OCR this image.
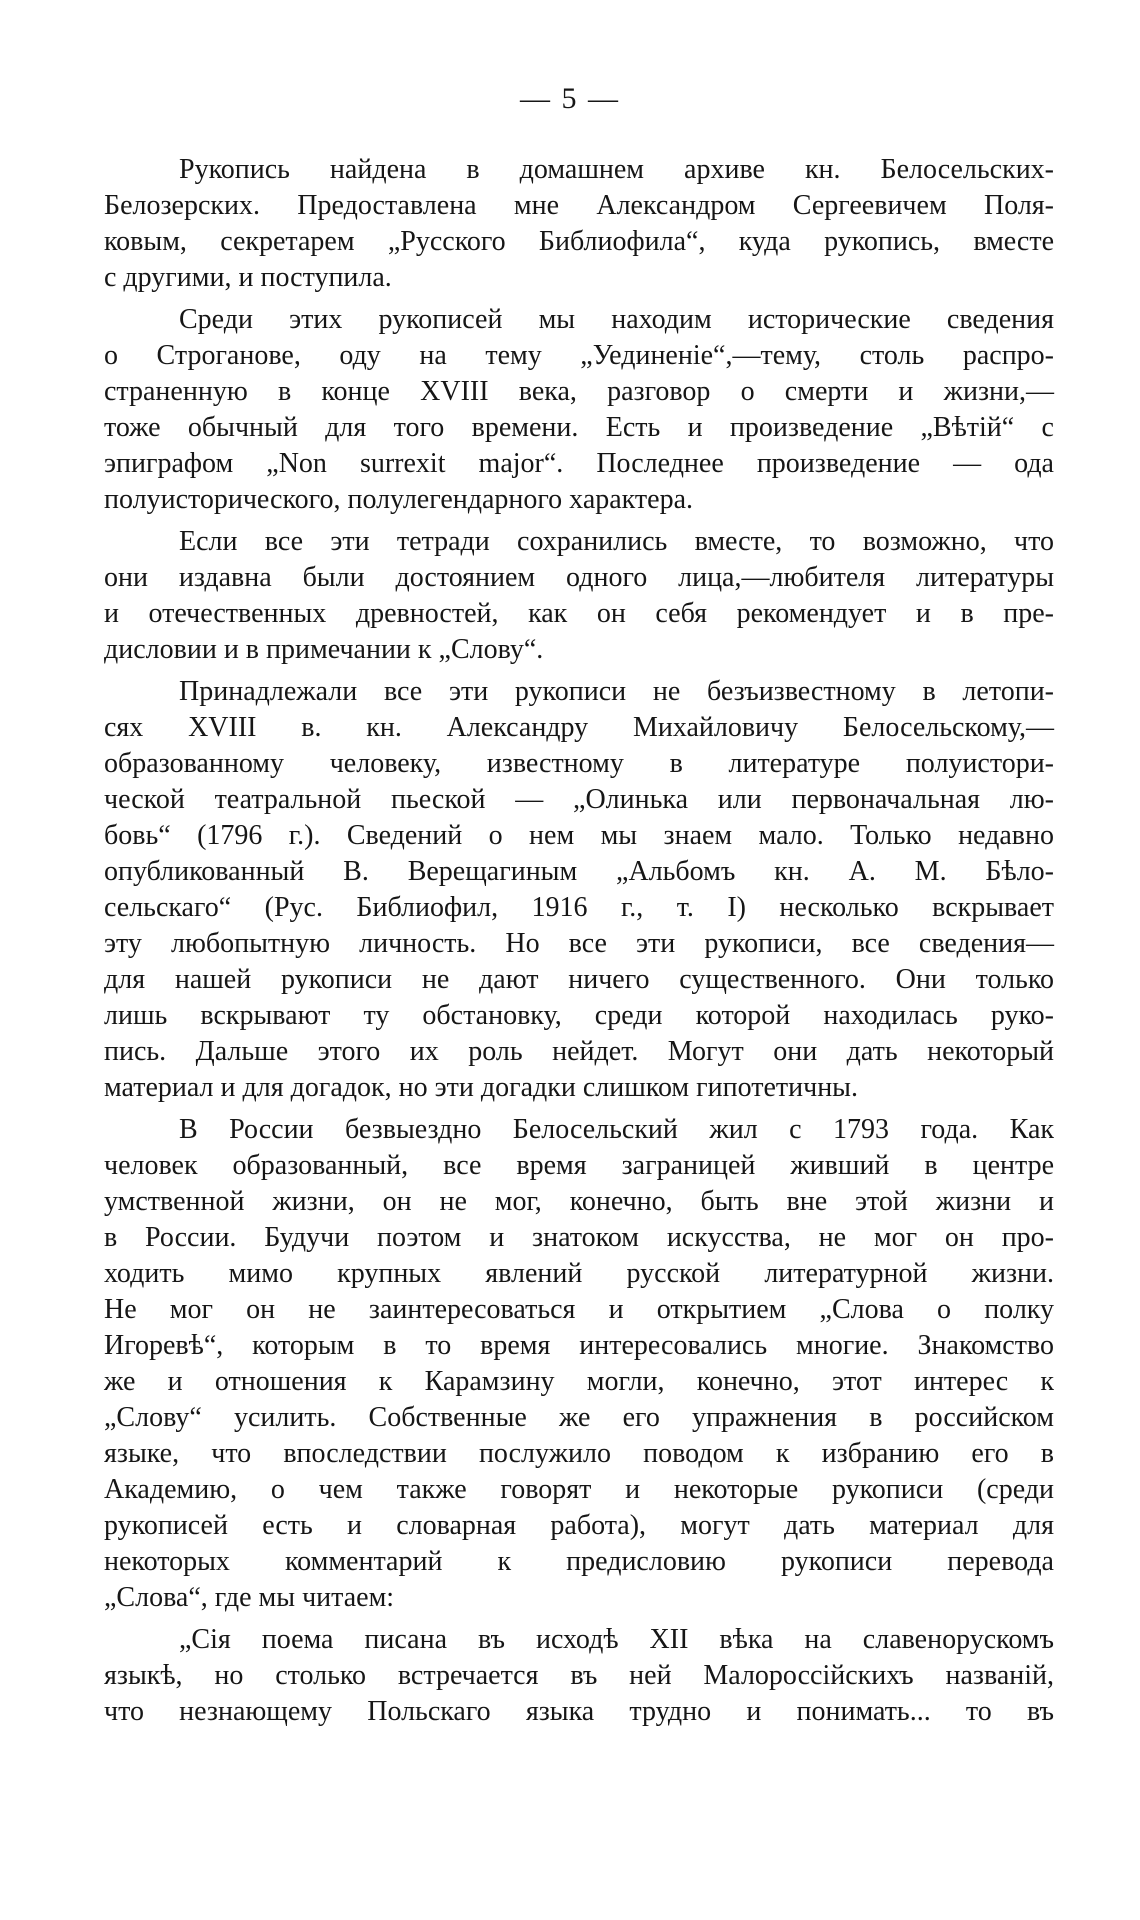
— 5 —

Рукопись найдена в домашнем архиве кн. Белосельских-
Белозерских. Предоставлена мне Александром Сергеевичем Поля-
ковым, секретарем „Русского Библиофила“, куда рукопись, вместе
с другими, и поступила.

Среди этих рукописей мы находим исторические сведения
о Строганове, оду на тему „Уединеніе“,—тему, столь распро-
страненную в конце XVIII века, разговор о смерти и жизни,—
тоже обычный для того времени. Есть и произведение „Вѣтій“ с
эпиграфом „Non surrexit major“. Последнее произведение — ода
полуисторического, полулегендарного характера.

Если все эти тетради сохранились вместе, то возможно, что
они издавна были достоянием одного лица,—любителя литературы
и отечественных древностей, как он себя рекомендует и в пре-
дисловии и в примечании к „Слову“.

Принадлежали все эти рукописи не безъизвестному в летопи-
сях XVIII в. кн. Александру Михайловичу Белосельскому,—
образованному человеку, известному в литературе полуистори-
ческой театральной пьеской — „Олинька или первоначальная лю-
бовь“ (1796 г.). Сведений о нем мы знаем мало. Только недавно
опубликованный В. Верещагиным „Альбомъ кн. А. М. Бѣло-
сельскаго“ (Рус. Библиофил, 1916 г., т. I) несколько вскрывает
эту любопытную личность. Но все эти рукописи, все сведения—
для нашей рукописи не дают ничего существенного. Они только
лишь вскрывают ту обстановку, среди которой находилась руко-
пись. Дальше этого их роль нейдет. Могут они дать некоторый
материал и для догадок, но эти догадки слишком гипотетичны.

В России безвыездно Белосельский жил с 1793 года. Как
человек образованный, все время заграницей живший в центре
умственной жизни, он не мог, конечно, быть вне этой жизни и
в России. Будучи поэтом и знатоком искусства, не мог он про-
ходить мимо крупных явлений русской литературной жизни.
Не мог он не заинтересоваться и открытием „Слова о полку
Игоревѣ“, которым в то время интересовались многие. Знакомство
же и отношения к Карамзину могли, конечно, этот интерес к
„Слову“ усилить. Собственные же его упражнения в российском
языке, что впоследствии послужило поводом к избранию его в
Академию, о чем также говорят и некоторые рукописи (среди
рукописей есть и словарная работа), могут дать материал для
некоторых комментарий к предисловию рукописи перевода
„Слова“, где мы читаем:

„Сія поема писана въ исходѣ XII вѣка на славенорускомъ
языкѣ, но столько встречается въ ней Малороссійскихъ названій,
что незнающему Польскаго языка трудно и понимать... то въ
